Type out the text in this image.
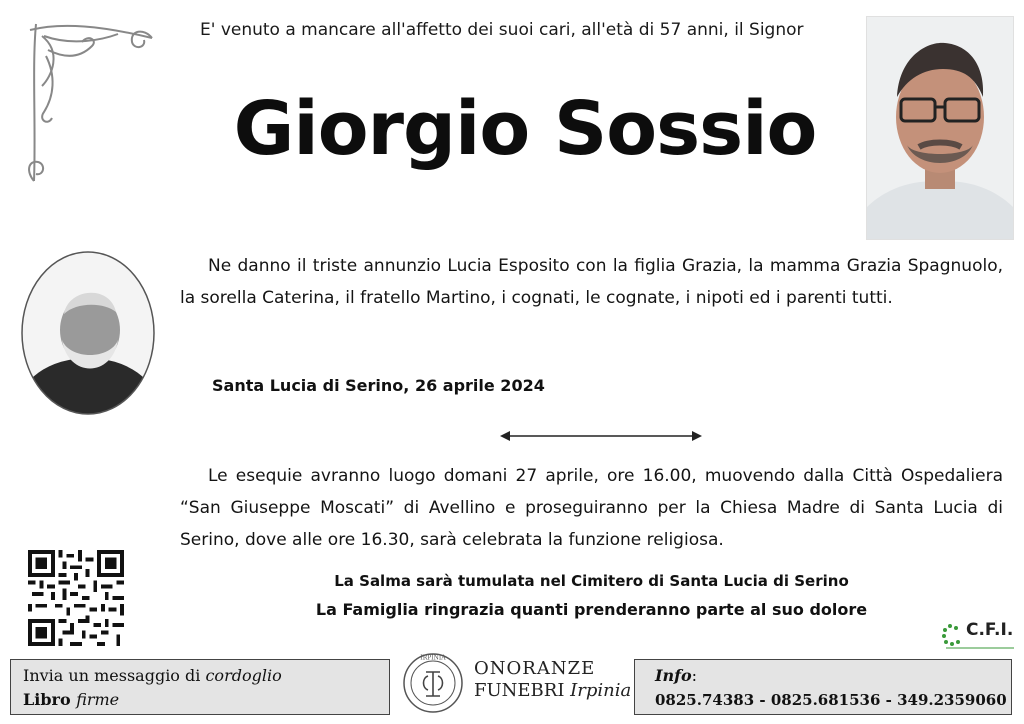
E' venuto a mancare all'affetto dei suoi cari, all'età di 57 anni, il Signor
Giorgio Sossio
Ne danno il triste annunzio Lucia Esposito con la figlia Grazia, la mamma Grazia Spagnuolo, la sorella Caterina, il fratello Martino, i cognati, le cognate, i nipoti ed i parenti tutti.
Santa Lucia di Serino, 26 aprile 2024
Le esequie avranno luogo domani 27 aprile, ore 16.00, muovendo dalla Città Ospedaliera “San Giuseppe Moscati” di Avellino e proseguiranno per la Chiesa Madre di Santa Lucia di Serino, dove alle ore 16.30, sarà celebrata la funzione religiosa.
La Salma sarà tumulata nel Cimitero di Santa Lucia di Serino
La Famiglia ringrazia quanti prenderanno parte al suo dolore
C.F.I.
Invia un messaggio di cordoglio
Libro firme
IRPINIA ONORANZE
FUNEBRI Irpinia
Info:
0825.74383 - 0825.681536 - 349.2359060
